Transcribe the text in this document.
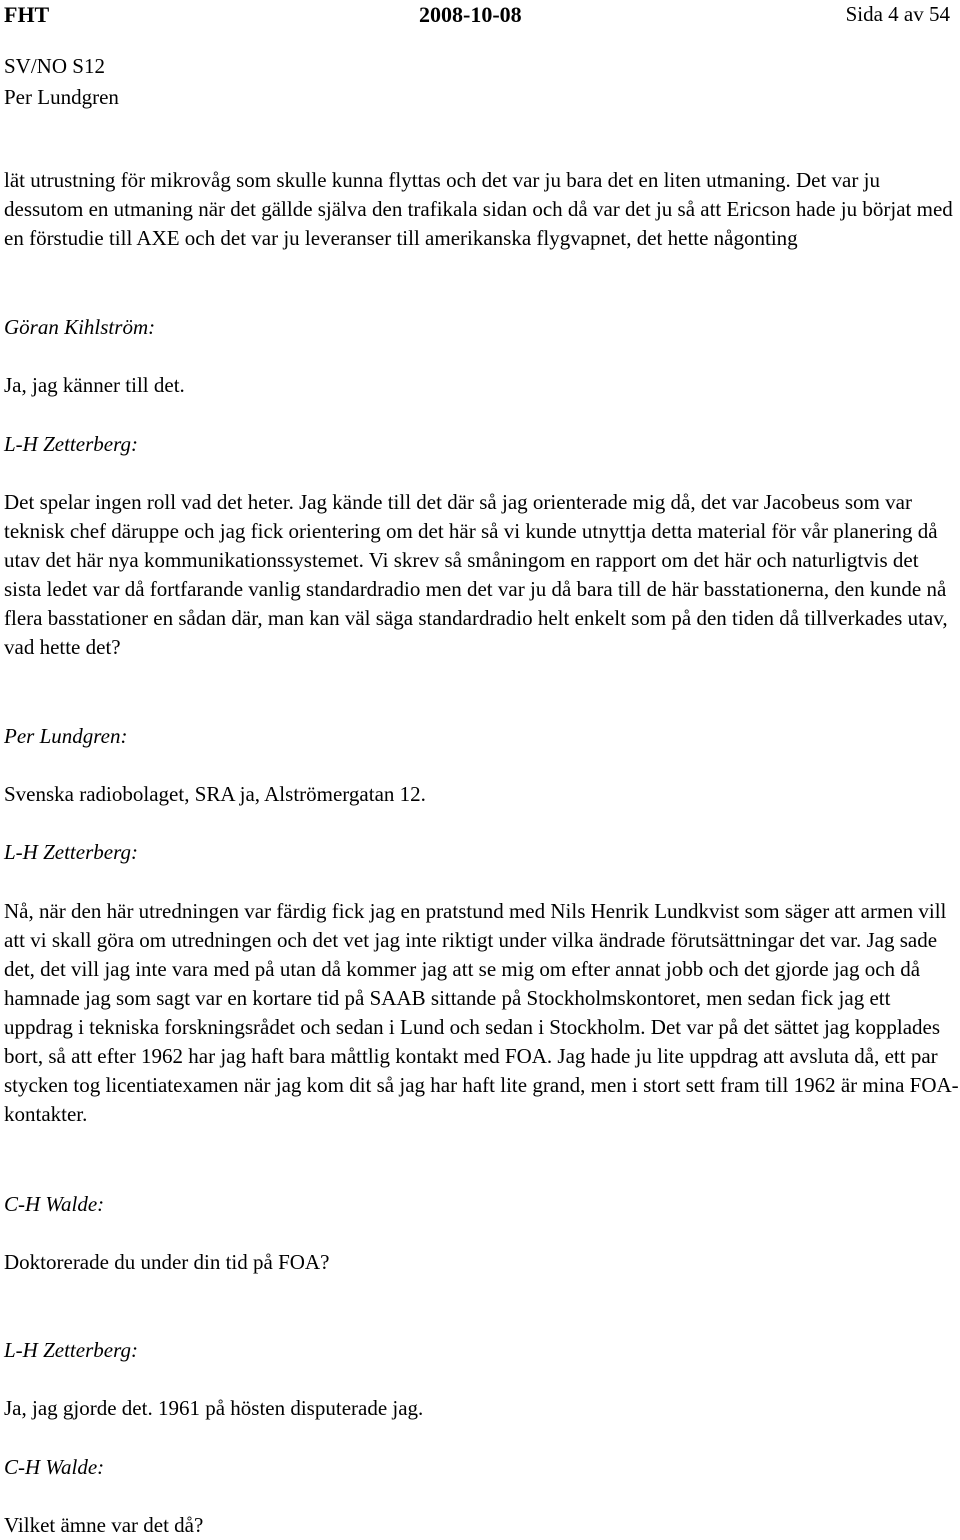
FHT	2008-10-08	Sida 4 av 54
SV/NO S12
Per Lundgren

lät utrustning för mikrovåg som skulle kunna flyttas och det var ju bara det en liten utmaning. Det var ju dessutom en utmaning när det gällde själva den trafikala sidan och då var det ju så att Ericson hade ju börjat med en förstudie till AXE och det var ju leveranser till amerikanska flygvapnet, det hette någonting

Göran Kihlström:

Ja, jag känner till det.

L-H Zetterberg:

Det spelar ingen roll vad det heter. Jag kände till det där så jag orienterade mig då, det var Jacobeus som var teknisk chef däruppe och jag fick orientering om det här så vi kunde utnyttja detta material för vår planering då utav det här nya kommunikationssystemet. Vi skrev så småningom en rapport om det här och naturligtvis det sista ledet var då fortfarande vanlig standardradio men det var ju då bara till de här basstationerna, den kunde nå flera basstationer en sådan där, man kan väl säga standardradio helt enkelt som på den tiden då tillverkades utav, vad hette det?

Per Lundgren:

Svenska radiobolaget, SRA ja, Alströmergatan 12.

L-H Zetterberg:

Nå, när den här utredningen var färdig fick jag en pratstund med Nils Henrik Lundkvist som säger att armen vill att vi skall göra om utredningen och det vet jag inte riktigt under vilka ändrade förutsättningar det var. Jag sade det, det vill jag inte vara med på utan då kommer jag att se mig om efter annat jobb och det gjorde jag och då hamnade jag som sagt var en kortare tid på SAAB sittande på Stockholmskontoret, men sedan fick jag ett uppdrag i tekniska forskningsrådet och sedan i Lund och sedan i Stockholm. Det var på det sättet jag kopplades bort, så att efter 1962 har jag haft bara måttlig kontakt med FOA. Jag hade ju lite uppdrag att avsluta då, ett par stycken tog licentiatexamen när jag kom dit så jag har haft lite grand, men i stort sett fram till 1962 är mina FOA-kontakter.

C-H Walde:

Doktorerade du under din tid på FOA?

L-H Zetterberg:

Ja, jag gjorde det. 1961 på hösten disputerade jag.

C-H Walde:

Vilket ämne var det då?
